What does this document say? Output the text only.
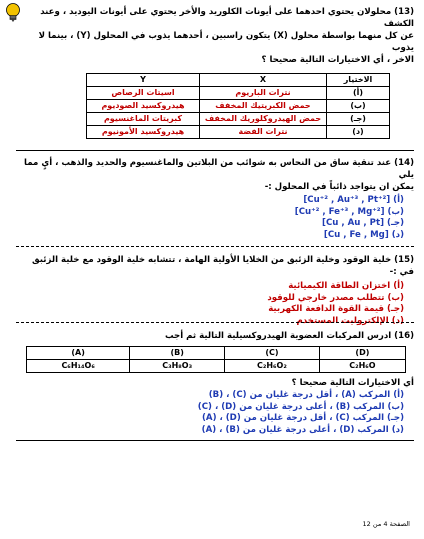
(13) محلولان يحتوي احدهما على أيونات الكلوريد والأخر يحتوي على أيونات اليوديد ، وعند الكشف

عن كل منهما بواسطة محلول (X) يتكون راسبين ، أحدهما يذوب في المحلول (Y) ، بينما لا يذوب

الاخر ، أي الاختيارات التالية صحيحا ؟

الاختيار	X	Y
(أ)	نترات الباريوم	اسيتات الرصاص
(ب)	حمض الكبريتيك المخفف	هيدروكسيد الصوديوم
(جـ)	حمض الهيدروكلوريك المخفف	كبريتات الماغنسيوم
(د)	نترات الفضة	هيدروكسيد الأمونيوم

(14) عند تنقية ساق من النحاس به شوائب من البلاتين والماغنسيوم والحديد والذهب ، أيٍ مما يلي

يمكن ان يتواجد ذائباً في المحلول :-

(أ) [Cu⁺² , Au⁺³ , Pt⁺²]
(ب) [Cu⁺² , Fe⁺³ , Mg⁺²]
(جـ) [Cu , Au , Pt]
(د) [Cu , Fe , Mg]

(15) خلية الوقود وخلية الزئبق من الخلايا الأولية الهامة ، تتشابه خلية الوقود مع خلية الزئبق في :-

(أ) اختزان الطاقة الكيميائية
(ب) تتطلب مصدر خارجي للوقود
(جـ) قيمة القوة الدافعة الكهربية
(د) الإلكتروليت المستخدم

(16) ادرس المركبات العضوية الهيدروكسيلية التالية ثم أجب

(A)	(B)	(C)	(D)
C₆H₁₄O₆	C₃H₈O₃	C₂H₆O₂	C₂H₆O

أي الاختيارات التالية صحيحا ؟

(أ) المركب (A) ، أقل درجة غليان من (C) ، (B)
(ب) المركب (B) ، أعلى درجة غليان من (D) ، (C)
(جـ) المركب (C) ، أقل درجة غليان من (D) ، (A)
(د) المركب (D) ، أعلى درجة غليان من (B) ، (A)
الصفحة 4 من 12
